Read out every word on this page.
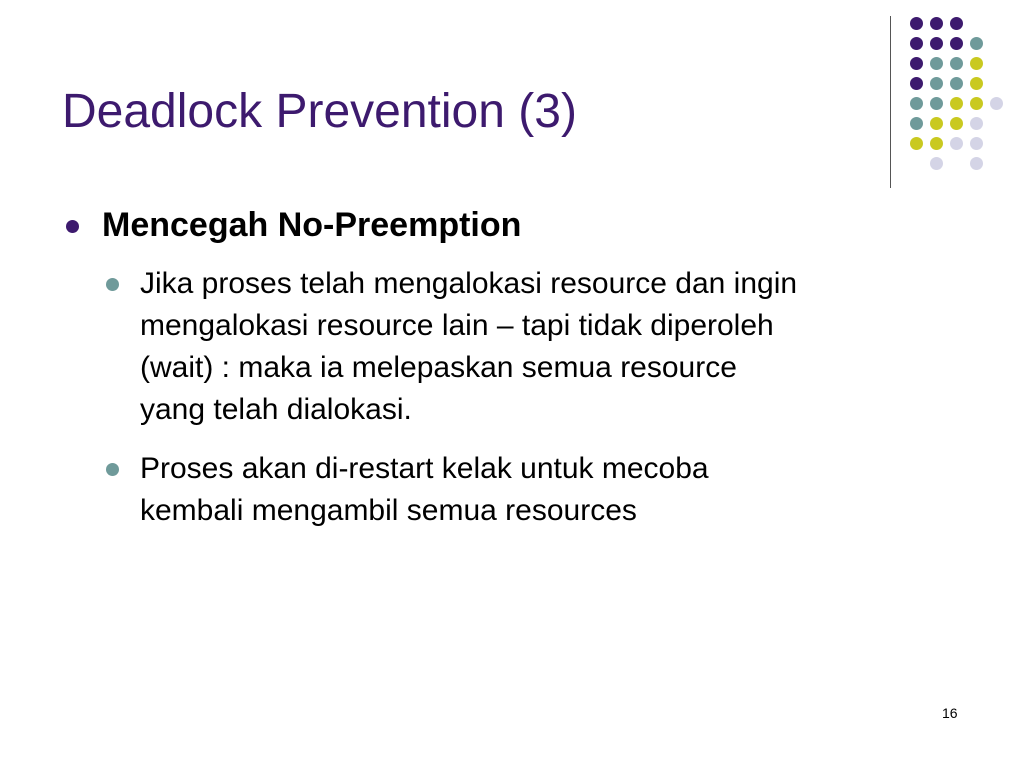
Deadlock Prevention (3)
Mencegah No-Preemption
Jika proses telah mengalokasi resource dan ingin
mengalokasi resource lain – tapi tidak diperoleh
(wait) : maka ia melepaskan semua resource
yang telah dialokasi.
Proses akan di-restart kelak untuk mecoba
kembali mengambil semua resources
16
